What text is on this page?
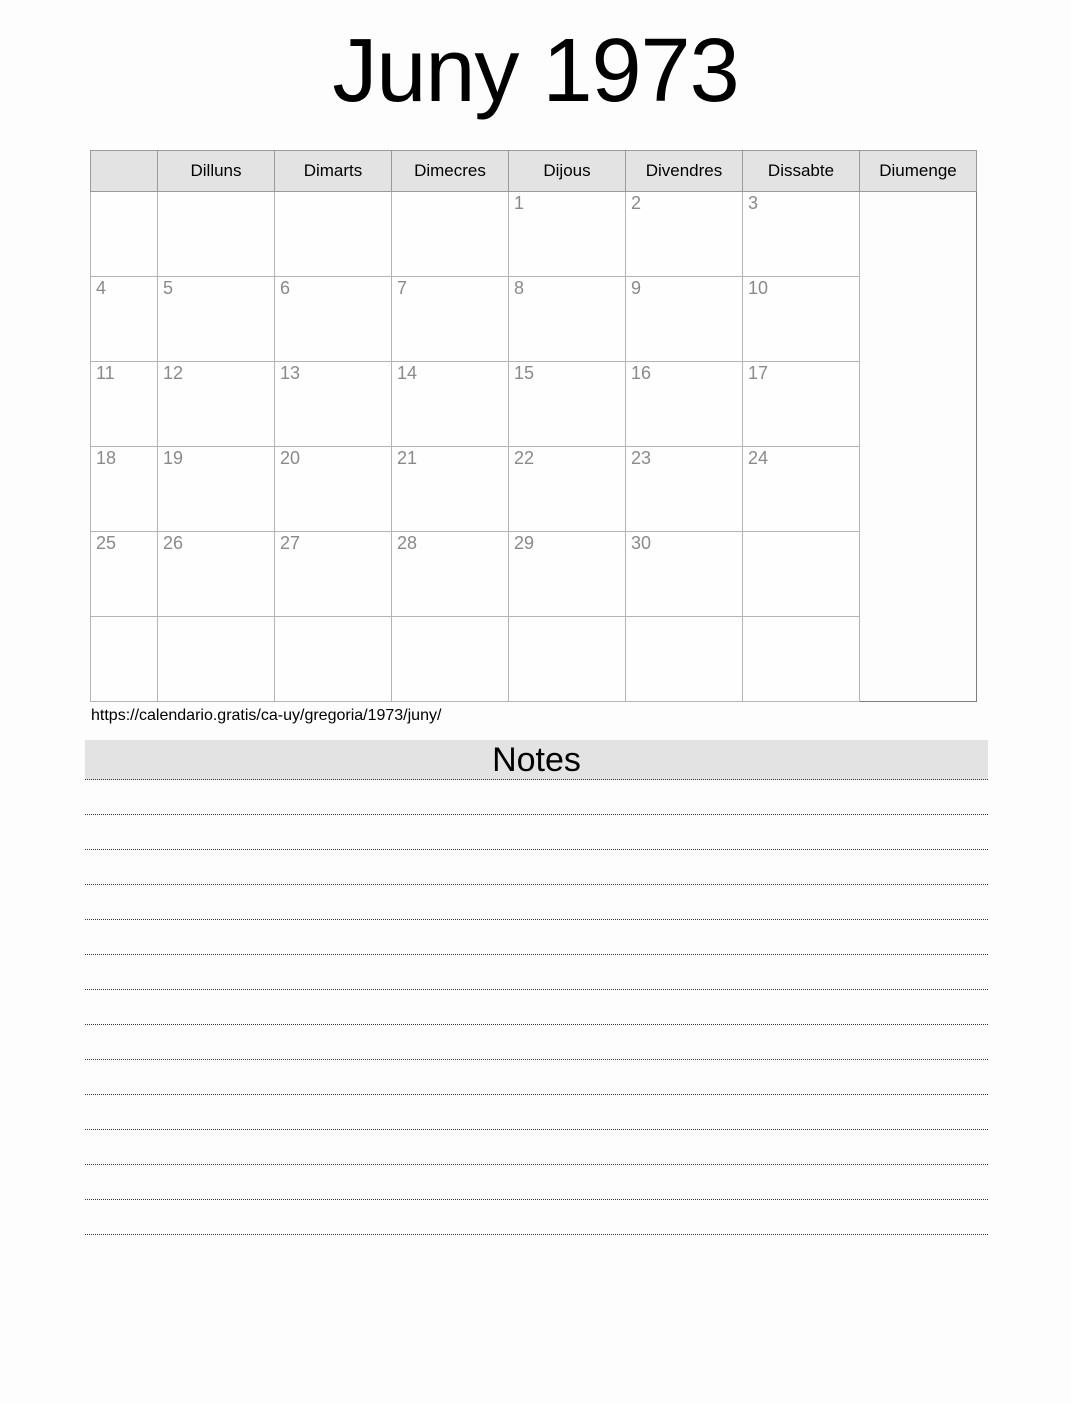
Juny 1973
	Dilluns	Dimarts	Dimecres	Dijous	Divendres	Dissabte	Diumenge
				1	2	3	
4	5	6	7	8	9	10	
11	12	13	14	15	16	17	
18	19	20	21	22	23	24	
25	26	27	28	29	30		

https://calendario.gratis/ca-uy/gregoria/1973/juny/
Notes
